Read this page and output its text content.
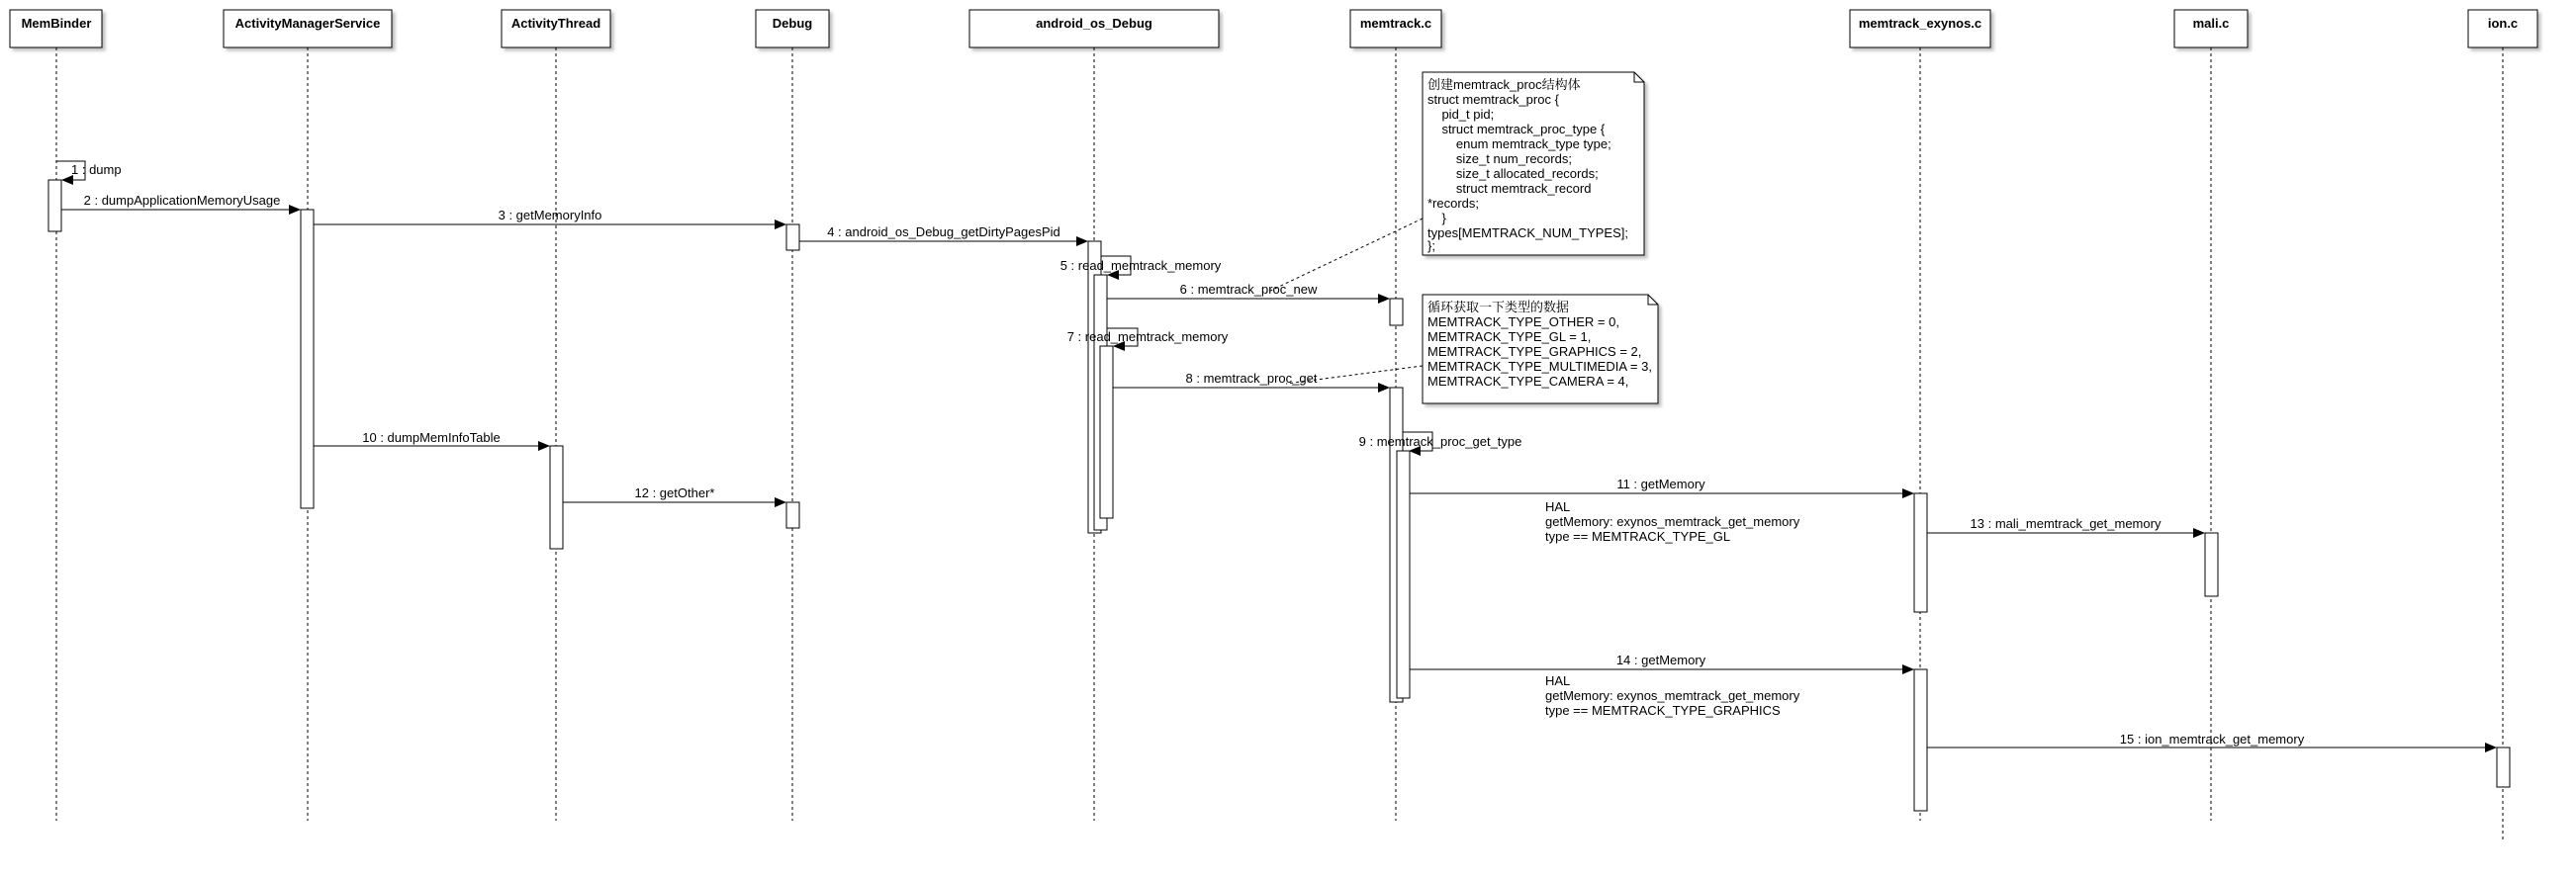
MemBinder	ActivityManagerService	ActivityThread	Debug	android_os_Debug	memtrack.c	memtrack_exynos.c	mali.c	ion.c
创建memtrack_proc结构体
struct memtrack_proc {
pid_t pid;
struct memtrack_proc_type {
enum memtrack_type type;
size_t num_records;
size_t allocated_records;
struct memtrack_record
*records;
}
types[MEMTRACK_NUM_TYPES];
};
循环获取一下类型的数据
MEMTRACK_TYPE_OTHER = 0,
MEMTRACK_TYPE_GL = 1,
MEMTRACK_TYPE_GRAPHICS = 2,
MEMTRACK_TYPE_MULTIMEDIA = 3,
MEMTRACK_TYPE_CAMERA = 4,
HAL
getMemory: exynos_memtrack_get_memory
type == MEMTRACK_TYPE_GL
HAL
getMemory: exynos_memtrack_get_memory
type == MEMTRACK_TYPE_GRAPHICS
1 : dump
2 : dumpApplicationMemoryUsage
3 : getMemoryInfo
4 : android_os_Debug_getDirtyPagesPid
5 : read_memtrack_memory
6 : memtrack_proc_new
7 : read_memtrack_memory
8 : memtrack_proc_get
9 : memtrack_proc_get_type
10 : dumpMemInfoTable
11 : getMemory
12 : getOther*
13 : mali_memtrack_get_memory
14 : getMemory
15 : ion_memtrack_get_memory
